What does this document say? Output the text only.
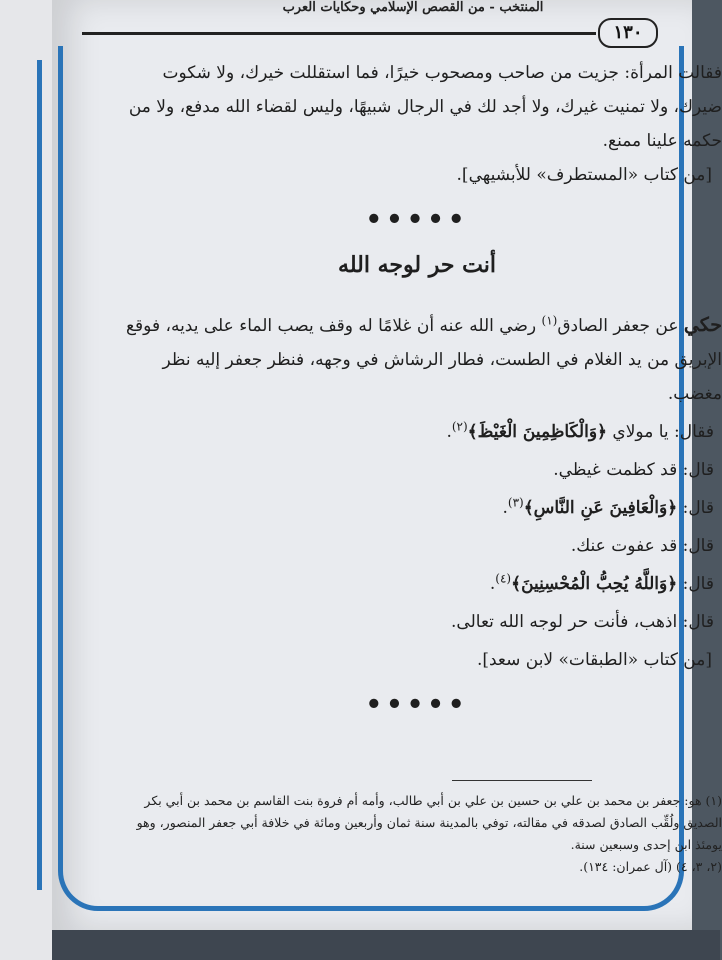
المنتخب - من القصص الإسلامي وحكايات العرب
١٣٠

فقالت المرأة: جزيت من صاحب ومصحوب خيرًا، فما استقللت خيرك، ولا شكوت ضيرك، ولا تمنيت غيرك، ولا أجد لك في الرجال شبيهًا، وليس لقضاء الله مدفع، ولا من حكمه علينا ممنع.

[من كتاب «المستطرف» للأبشيهي].

•••••
أنت حر لوجه الله

حكي عن جعفر الصادق$^{(١)}$ رضي الله عنه أن غلامًا له وقف يصب الماء على يديه، فوقع الإبريق من يد الغلام في الطست، فطار الرشاش في وجهه، فنظر جعفر إليه نظر مغضب.

فقال: يا مولاي ﴿وَالْكَاظِمِينَ الْغَيْظَ﴾$^{(٢)}$.

قال: قد كظمت غيظي.

قال: ﴿وَالْعَافِينَ عَنِ النَّاسِ﴾$^{(٣)}$.

قال: قد عفوت عنك.

قال: ﴿وَاللَّهُ يُحِبُّ الْمُحْسِنِينَ﴾$^{(٤)}$.

قال: اذهب، فأنت حر لوجه الله تعالى.

[من كتاب «الطبقات» لابن سعد].

•••••

(١) هو: جعفر بن محمد بن علي بن حسين بن علي بن أبي طالب، وأمه أم فروة بنت القاسم بن محمد بن أبي بكر الصديق ولُقِّب الصادق لصدقه في مقالته، توفي بالمدينة سنة ثمان وأربعين ومائة في خلافة أبي جعفر المنصور، وهو يومئذ ابن إحدى وسبعين سنة.

(٢، ٣، ٤) (آل عمران: ١٣٤).
